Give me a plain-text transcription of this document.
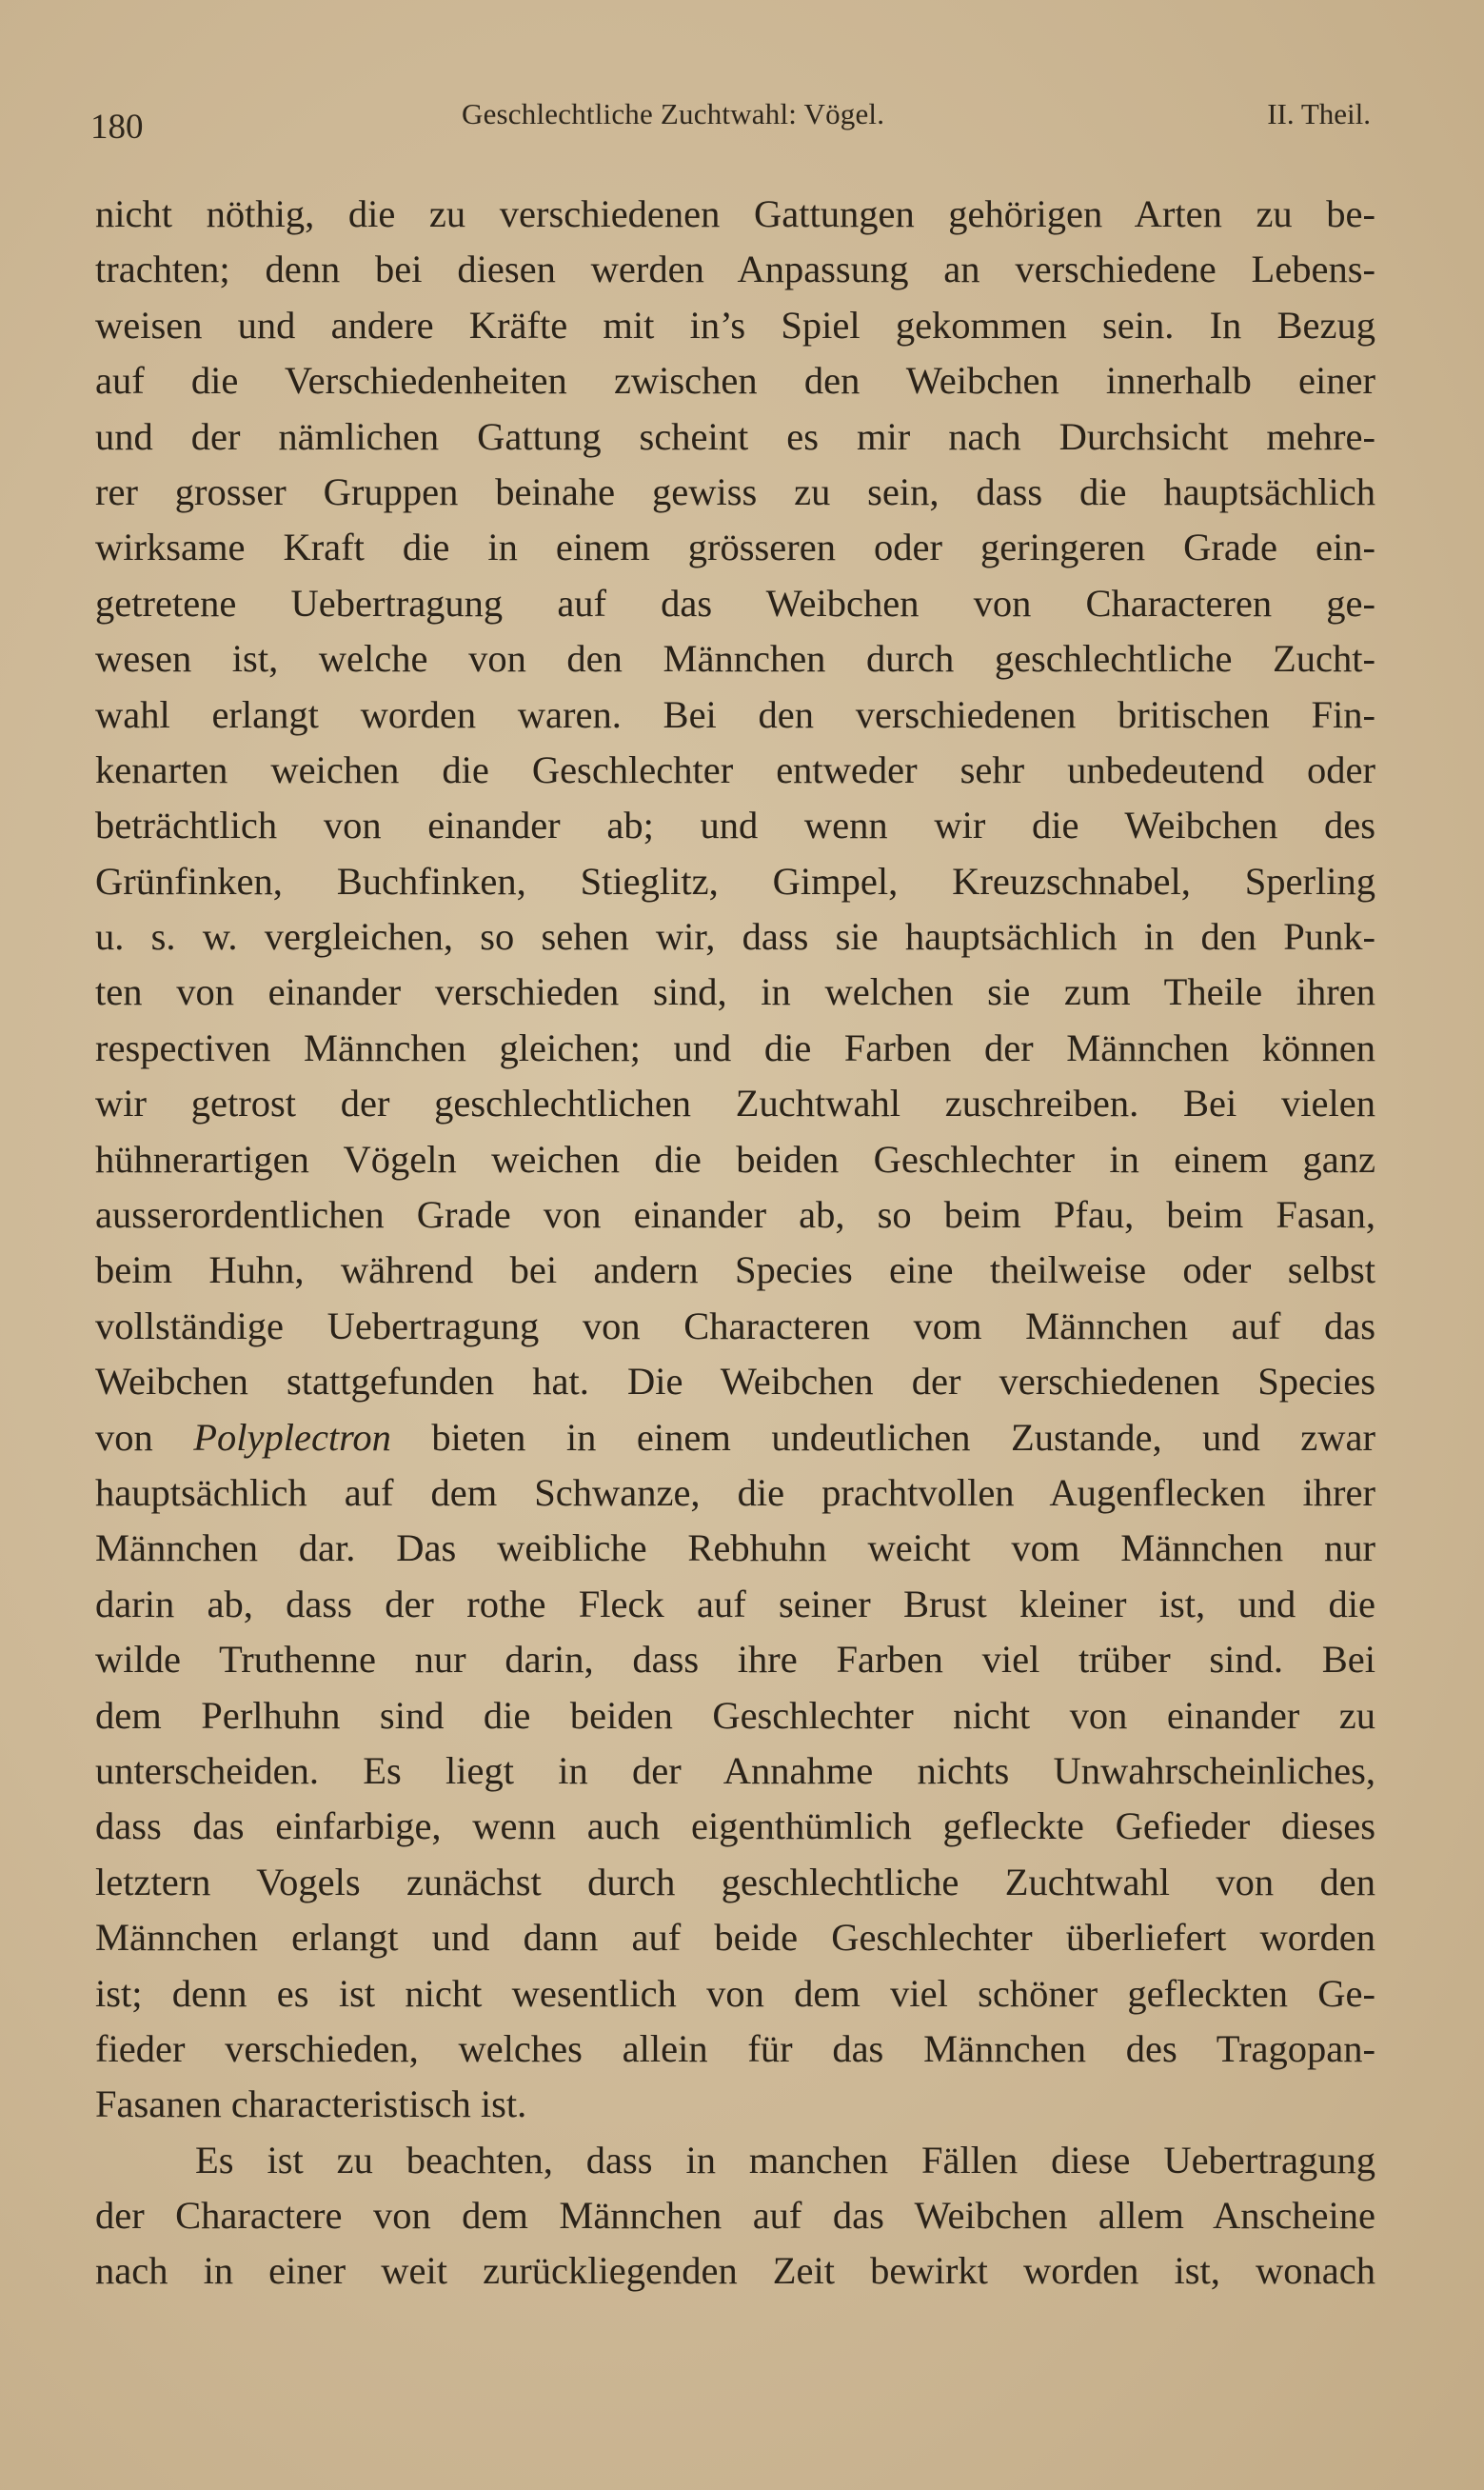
180	Geschlechtliche Zuchtwahl: Vögel.	II. Theil.
nicht nöthig, die zu verschiedenen Gattungen gehörigen Arten zu be-
trachten; denn bei diesen werden Anpassung an verschiedene Lebens-
weisen und andere Kräfte mit in’s Spiel gekommen sein. In Bezug
auf die Verschiedenheiten zwischen den Weibchen innerhalb einer
und der nämlichen Gattung scheint es mir nach Durchsicht mehre-
rer grosser Gruppen beinahe gewiss zu sein, dass die hauptsächlich
wirksame Kraft die in einem grösseren oder geringeren Grade ein-
getretene Uebertragung auf das Weibchen von Characteren ge-
wesen ist, welche von den Männchen durch geschlechtliche Zucht-
wahl erlangt worden waren. Bei den verschiedenen britischen Fin-
kenarten weichen die Geschlechter entweder sehr unbedeutend oder
beträchtlich von einander ab; und wenn wir die Weibchen des
Grünfinken, Buchfinken, Stieglitz, Gimpel, Kreuzschnabel, Sperling
u. s. w. vergleichen, so sehen wir, dass sie hauptsächlich in den Punk-
ten von einander verschieden sind, in welchen sie zum Theile ihren
respectiven Männchen gleichen; und die Farben der Männchen können
wir getrost der geschlechtlichen Zuchtwahl zuschreiben. Bei vielen
hühnerartigen Vögeln weichen die beiden Geschlechter in einem ganz
ausserordentlichen Grade von einander ab, so beim Pfau, beim Fasan,
beim Huhn, während bei andern Species eine theilweise oder selbst
vollständige Uebertragung von Characteren vom Männchen auf das
Weibchen stattgefunden hat. Die Weibchen der verschiedenen Species
von Polyplectron bieten in einem undeutlichen Zustande, und zwar
hauptsächlich auf dem Schwanze, die prachtvollen Augenflecken ihrer
Männchen dar. Das weibliche Rebhuhn weicht vom Männchen nur
darin ab, dass der rothe Fleck auf seiner Brust kleiner ist, und die
wilde Truthenne nur darin, dass ihre Farben viel trüber sind. Bei
dem Perlhuhn sind die beiden Geschlechter nicht von einander zu
unterscheiden. Es liegt in der Annahme nichts Unwahrscheinliches,
dass das einfarbige, wenn auch eigenthümlich gefleckte Gefieder dieses
letztern Vogels zunächst durch geschlechtliche Zuchtwahl von den
Männchen erlangt und dann auf beide Geschlechter überliefert worden
ist; denn es ist nicht wesentlich von dem viel schöner gefleckten Ge-
fieder verschieden, welches allein für das Männchen des Tragopan-
Fasanen characteristisch ist.
Es ist zu beachten, dass in manchen Fällen diese Uebertragung
der Charactere von dem Männchen auf das Weibchen allem Anscheine
nach in einer weit zurückliegenden Zeit bewirkt worden ist, wonach
